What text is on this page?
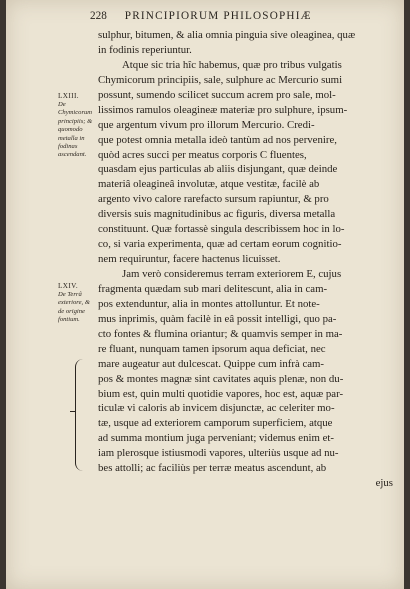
228 PRINCIPIORUM PHILOSOPHIÆ
LXIII.
De Chymicorum principiis; & quomodo metalla in fodinas ascendant.
LXIV.
De Terrâ exteriore, & de origine fontium.
sulphur, bitumen, & alia omnia pinguia sive oleaginea, quæ
in fodinis reperiuntur.
Atque sic tria hîc habemus, quæ pro tribus vulgatis
Chymicorum principiis, sale, sulphure ac Mercurio sumi
possunt, sumendo scilicet succum acrem pro sale, mol-
lissimos ramulos oleagineæ materiæ pro sulphure, ipsum-
que argentum vivum pro illorum Mercurio. Credi-
que potest omnia metalla ideò tantùm ad nos pervenire,
quòd acres succi per meatus corporis C fluentes,
quasdam ejus particulas ab aliis disjungant, quæ deinde
materiâ oleagineâ involutæ, atque vestitæ, facilè ab
argento vivo calore rarefacto sursum rapiuntur, & pro
diversis suis magnitudinibus ac figuris, diversa metalla
constituunt. Quæ fortassè singula describissem hoc in lo-
co, si varia experimenta, quæ ad certam eorum cognitio-
nem requiruntur, facere hactenus licuisset.
Jam verò consideremus terram exteriorem E, cujus
fragmenta quædam sub mari delitescunt, alia in cam-
pos extenduntur, alia in montes attolluntur. Et note-
mus inprimis, quàm facilè in eâ possit intelligi, quo pa-
cto fontes & flumina oriantur; & quamvis semper in ma-
re fluant, nunquam tamen ipsorum aqua deficiat, nec
mare augeatur aut dulcescat. Quippe cum infrà cam-
pos & montes magnæ sint cavitates aquis plenæ, non du-
bium est, quin multi quotidie vapores, hoc est, aquæ par-
ticulæ vi caloris ab invicem disjunctæ, ac celeriter mo-
tæ, usque ad exteriorem camporum superficiem, atque
ad summa montium juga perveniant; videmus enim et-
iam plerosque istiusmodi vapores, ulteriùs usque ad nu-
bes attolli; ac faciliùs per terræ meatus ascendunt, ab
ejus
